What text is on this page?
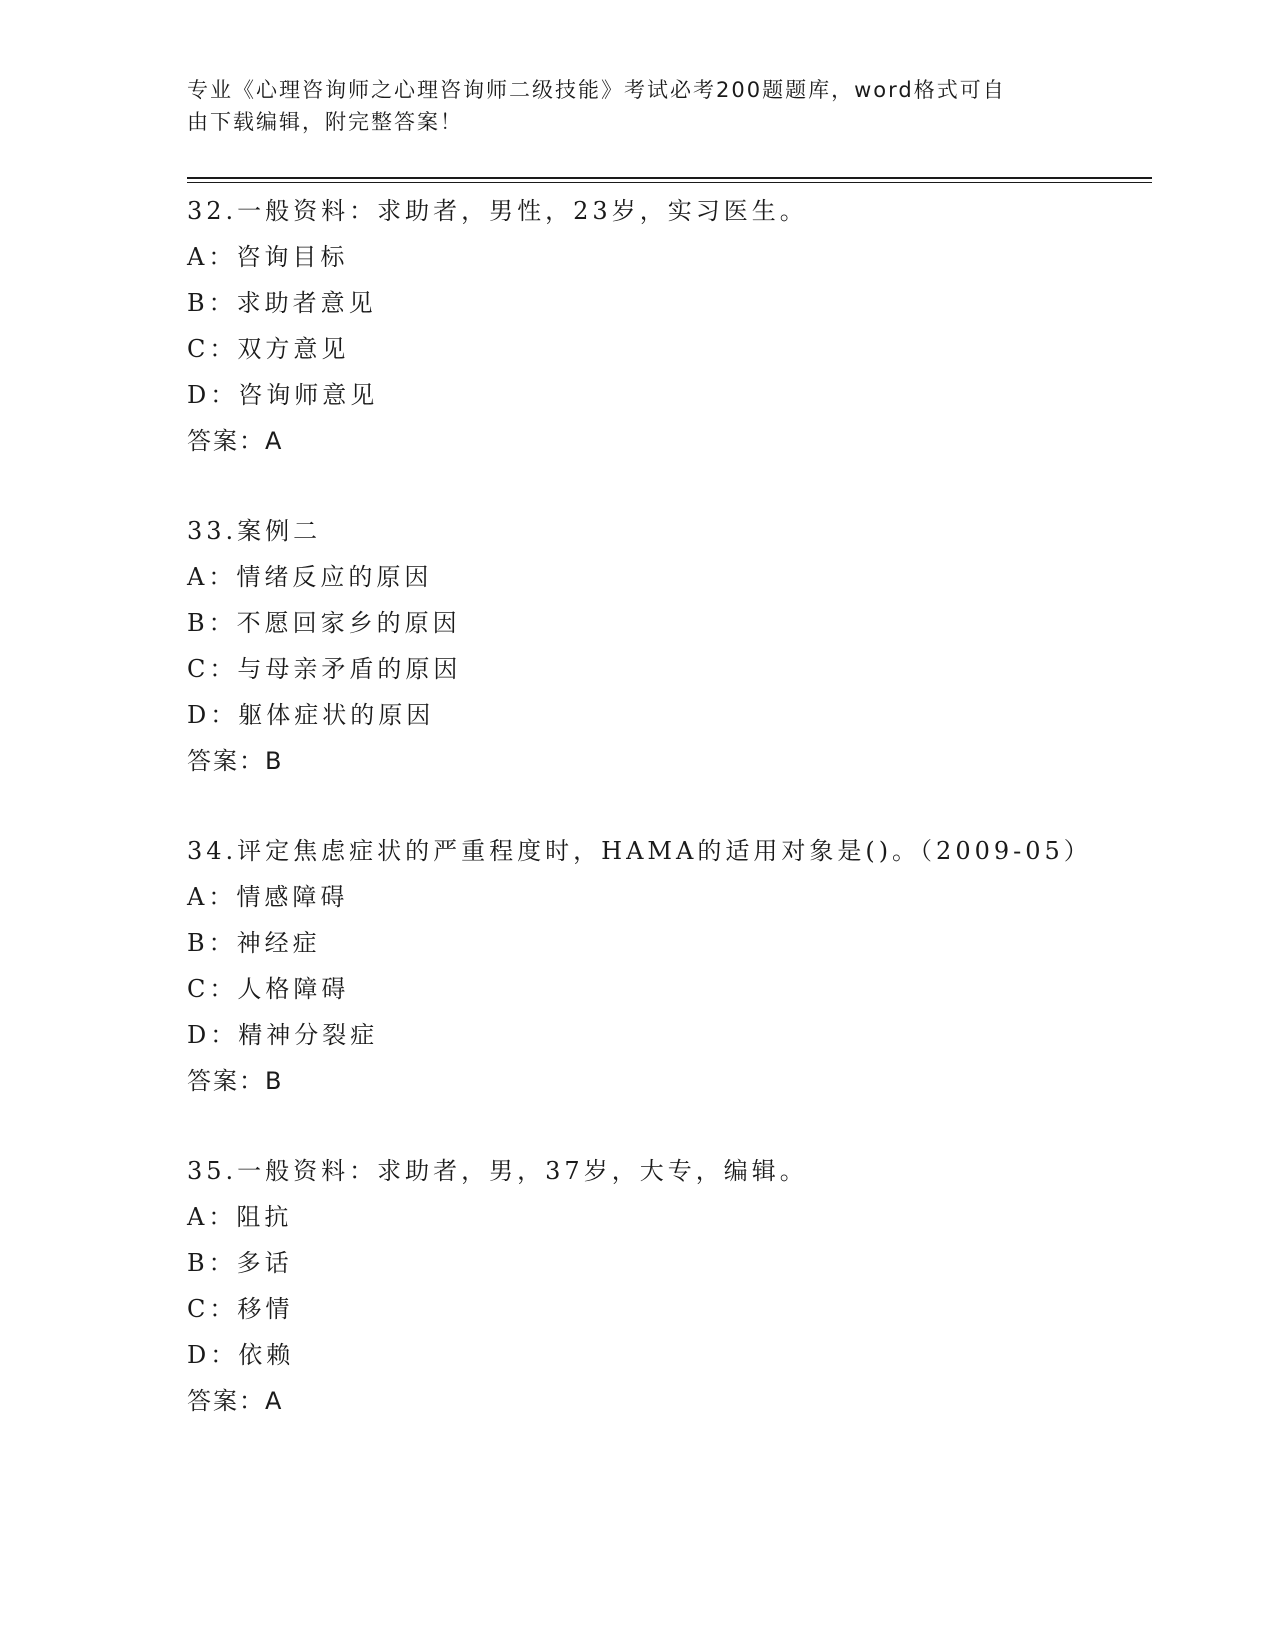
专业《心理咨询师之心理咨询师二级技能》考试必考200题题库，word格式可自
由下载编辑，附完整答案！
32.一般资料：求助者，男性，23岁，实习医生。
A：咨询目标
B：求助者意见
C：双方意见
D：咨询师意见
答案：A
33.案例二
A：情绪反应的原因
B：不愿回家乡的原因
C：与母亲矛盾的原因
D：躯体症状的原因
答案：B
34.评定焦虑症状的严重程度时，HAMA的适用对象是()。（2009-05）
A：情感障碍
B：神经症
C：人格障碍
D：精神分裂症
答案：B
35.一般资料：求助者，男，37岁，大专，编辑。
A：阻抗
B：多话
C：移情
D：依赖
答案：A
